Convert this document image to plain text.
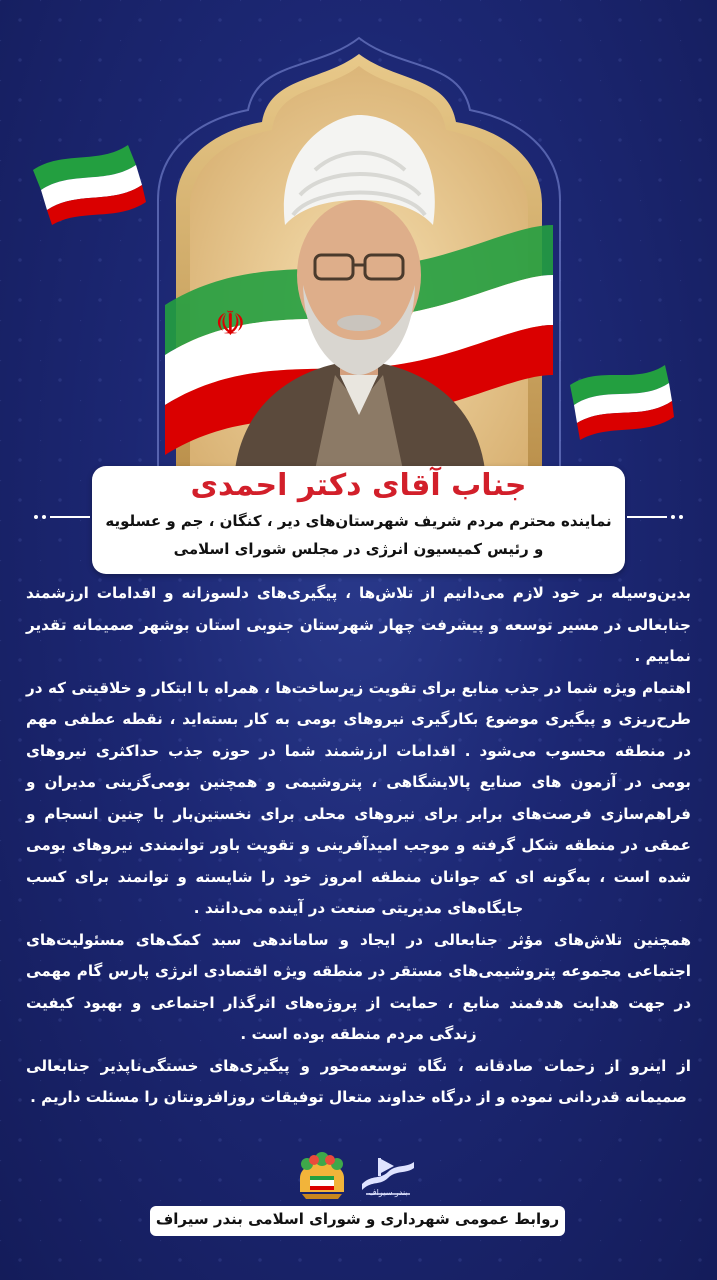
☫
جناب آقای دکتر احمدی
نماینده محترم مردم شریف شهرستان‌های دیر ، کنگان ، جم و عسلویه
و رئیس کمیسیون انرژی در مجلس شورای اسلامی

بدین‌وسیله بر خود لازم می‌دانیم از تلاش‌ها ، پیگیری‌های دلسوزانه و اقدامات ارزشمند جنابعالی در مسیر توسعه و پیشرفت چهار شهرستان جنوبی استان بوشهر صمیمانه تقدیر نماییم .

اهتمام ویژه شما در جذب منابع برای تقویت زیرساخت‌ها ، همراه با ابتکار و خلاقیتی که در طرح‌ریزی و پیگیری موضوع بکارگیری نیروهای بومی به کار بسته‌اید ، نقطه عطفی مهم در منطقه محسوب می‌شود . اقدامات ارزشمند شما در حوزه جذب حداکثری نیروهای بومی در آزمون های صنایع پالایشگاهی ، پتروشیمی و همچنین بومی‌گزینی مدیران و فراهم‌سازی فرصت‌های برابر برای نیروهای محلی برای نخستین‌بار با چنین انسجام و عمقی در منطقه شکل گرفته و موجب امیدآفرینی و تقویت باور توانمندی نیروهای بومی شده است ، به‌گونه ای که جوانان منطقه امروز خود را شایسته و توانمند برای کسب جایگاه‌های مدیریتی صنعت در آینده می‌دانند .

همچنین تلاش‌های مؤثر جنابعالی در ایجاد و ساماندهی سبد کمک‌های مسئولیت‌های اجتماعی مجموعه پتروشیمی‌های مستقر در منطقه ویژه اقتصادی انرژی پارس گام مهمی در جهت هدایت هدفمند منابع ، حمایت از پروژه‌های اثرگذار اجتماعی و بهبود کیفیت زندگی مردم منطقه بوده است .

از اینرو از زحمات صادقانه ، نگاه توسعه‌محور و پیگیری‌های خستگی‌ناپذیر جنابعالی صمیمانه قدردانی نموده و از درگاه خداوند متعال توفیقات روزافزونتان را مسئلت داریم .

بندر سیراف
روابط عمومی شهرداری و شورای اسلامی بندر سیراف
